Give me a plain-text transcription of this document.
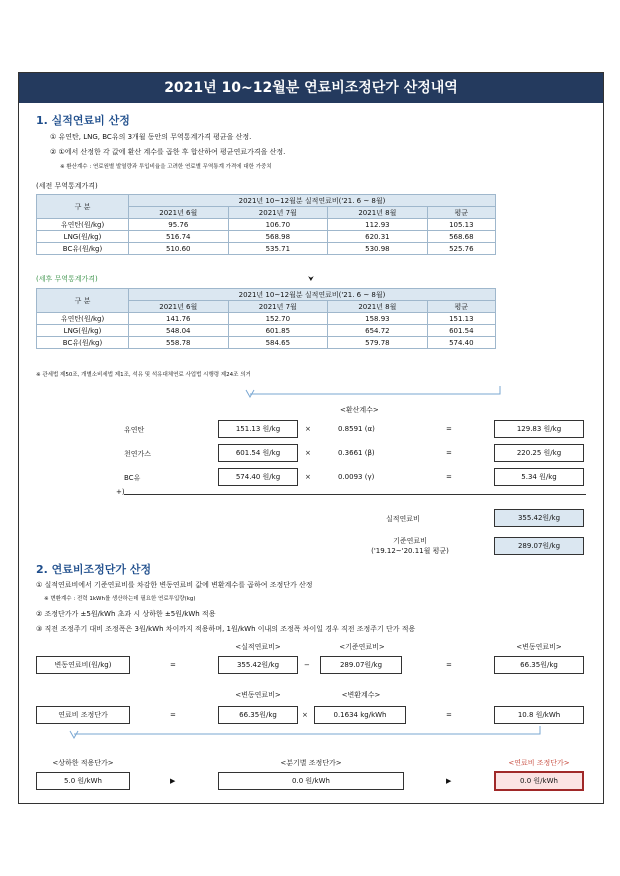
2021년 10~12월분 연료비조정단가 산정내역
1. 실적연료비 산정
① 유연탄, LNG, BC유의 3개월 동안의 무역통계가격 평균을 산정.
② ①에서 산정한 각 값에 환산 계수를 곱한 후 합산하여 평균연료가격을 산정.
※ 환산계수 : 연료원별 발열량과 투입비율을 고려한 연료별 무역통계 가격에 대한 가중치
(세전 무역통계가격)
구 분	2021년 10~12월분 실적연료비('21. 6 ~ 8월)			
	2021년 6월	2021년 7월	2021년 8월	평균
유연탄(원/kg)	95.76	106.70	112.93	105.13
LNG(원/kg)	516.74	568.98	620.31	568.68
BC유(원/kg)	510.60	535.71	530.98	525.76
(세후 무역통계가격)	⮟
구 분	2021년 10~12월분 실적연료비('21. 6 ~ 8월)			
	2021년 6월	2021년 7월	2021년 8월	평균
유연탄(원/kg)	141.76	152.70	158.93	151.13
LNG(원/kg)	548.04	601.85	654.72	601.54
BC유(원/kg)	558.78	584.65	579.78	574.40
※ 관세법 제50조, 개별소비세법 제1조, 석유 및 석유대체연료 사업법 시행령 제24조 의거
<환산계수>
유연탄	151.13 원/kg	×	0.8591 (α)	=	129.83 원/kg
천연가스	601.54 원/kg	×	0.3661 (β)	=	220.25 원/kg
BC유	574.40 원/kg	×	0.0093 (γ)	=	5.34 원/kg
+)
실적연료비	355.42원/kg
기준연료비
('19.12~'20.11월 평균)
289.07원/kg
2. 연료비조정단가 산정
① 실적연료비에서 기준연료비를 차감한 변동연료비 값에 변환계수를 곱하여 조정단가 산정
※ 변환계수 : 전력 1kWh를 생산하는데 필요한 연료투입량(kg)
② 조정단가가 ±5원/kWh 초과 시 상하한 ±5원/kWh 적용
③ 직전 조정주기 대비 조정폭은 3원/kWh 차이까지 적용하며, 1원/kWh 이내의 조정폭 차이일 경우 직전 조정주기 단가 적용
<실적연료비>	<기준연료비>	<변동연료비>
변동연료비(원/kg)	=	355.42원/kg	−	289.07원/kg	=	66.35원/kg
<변동연료비>	<변환계수>
연료비 조정단가	=	66.35원/kg	×	0.1634 kg/kWh	=	10.8 원/kWh
<상하한 적용단가>	<분기별 조정단가>	<연료비 조정단가>
5.0 원/kWh	▶	0.0 원/kWh	▶	0.0 원/kWh
